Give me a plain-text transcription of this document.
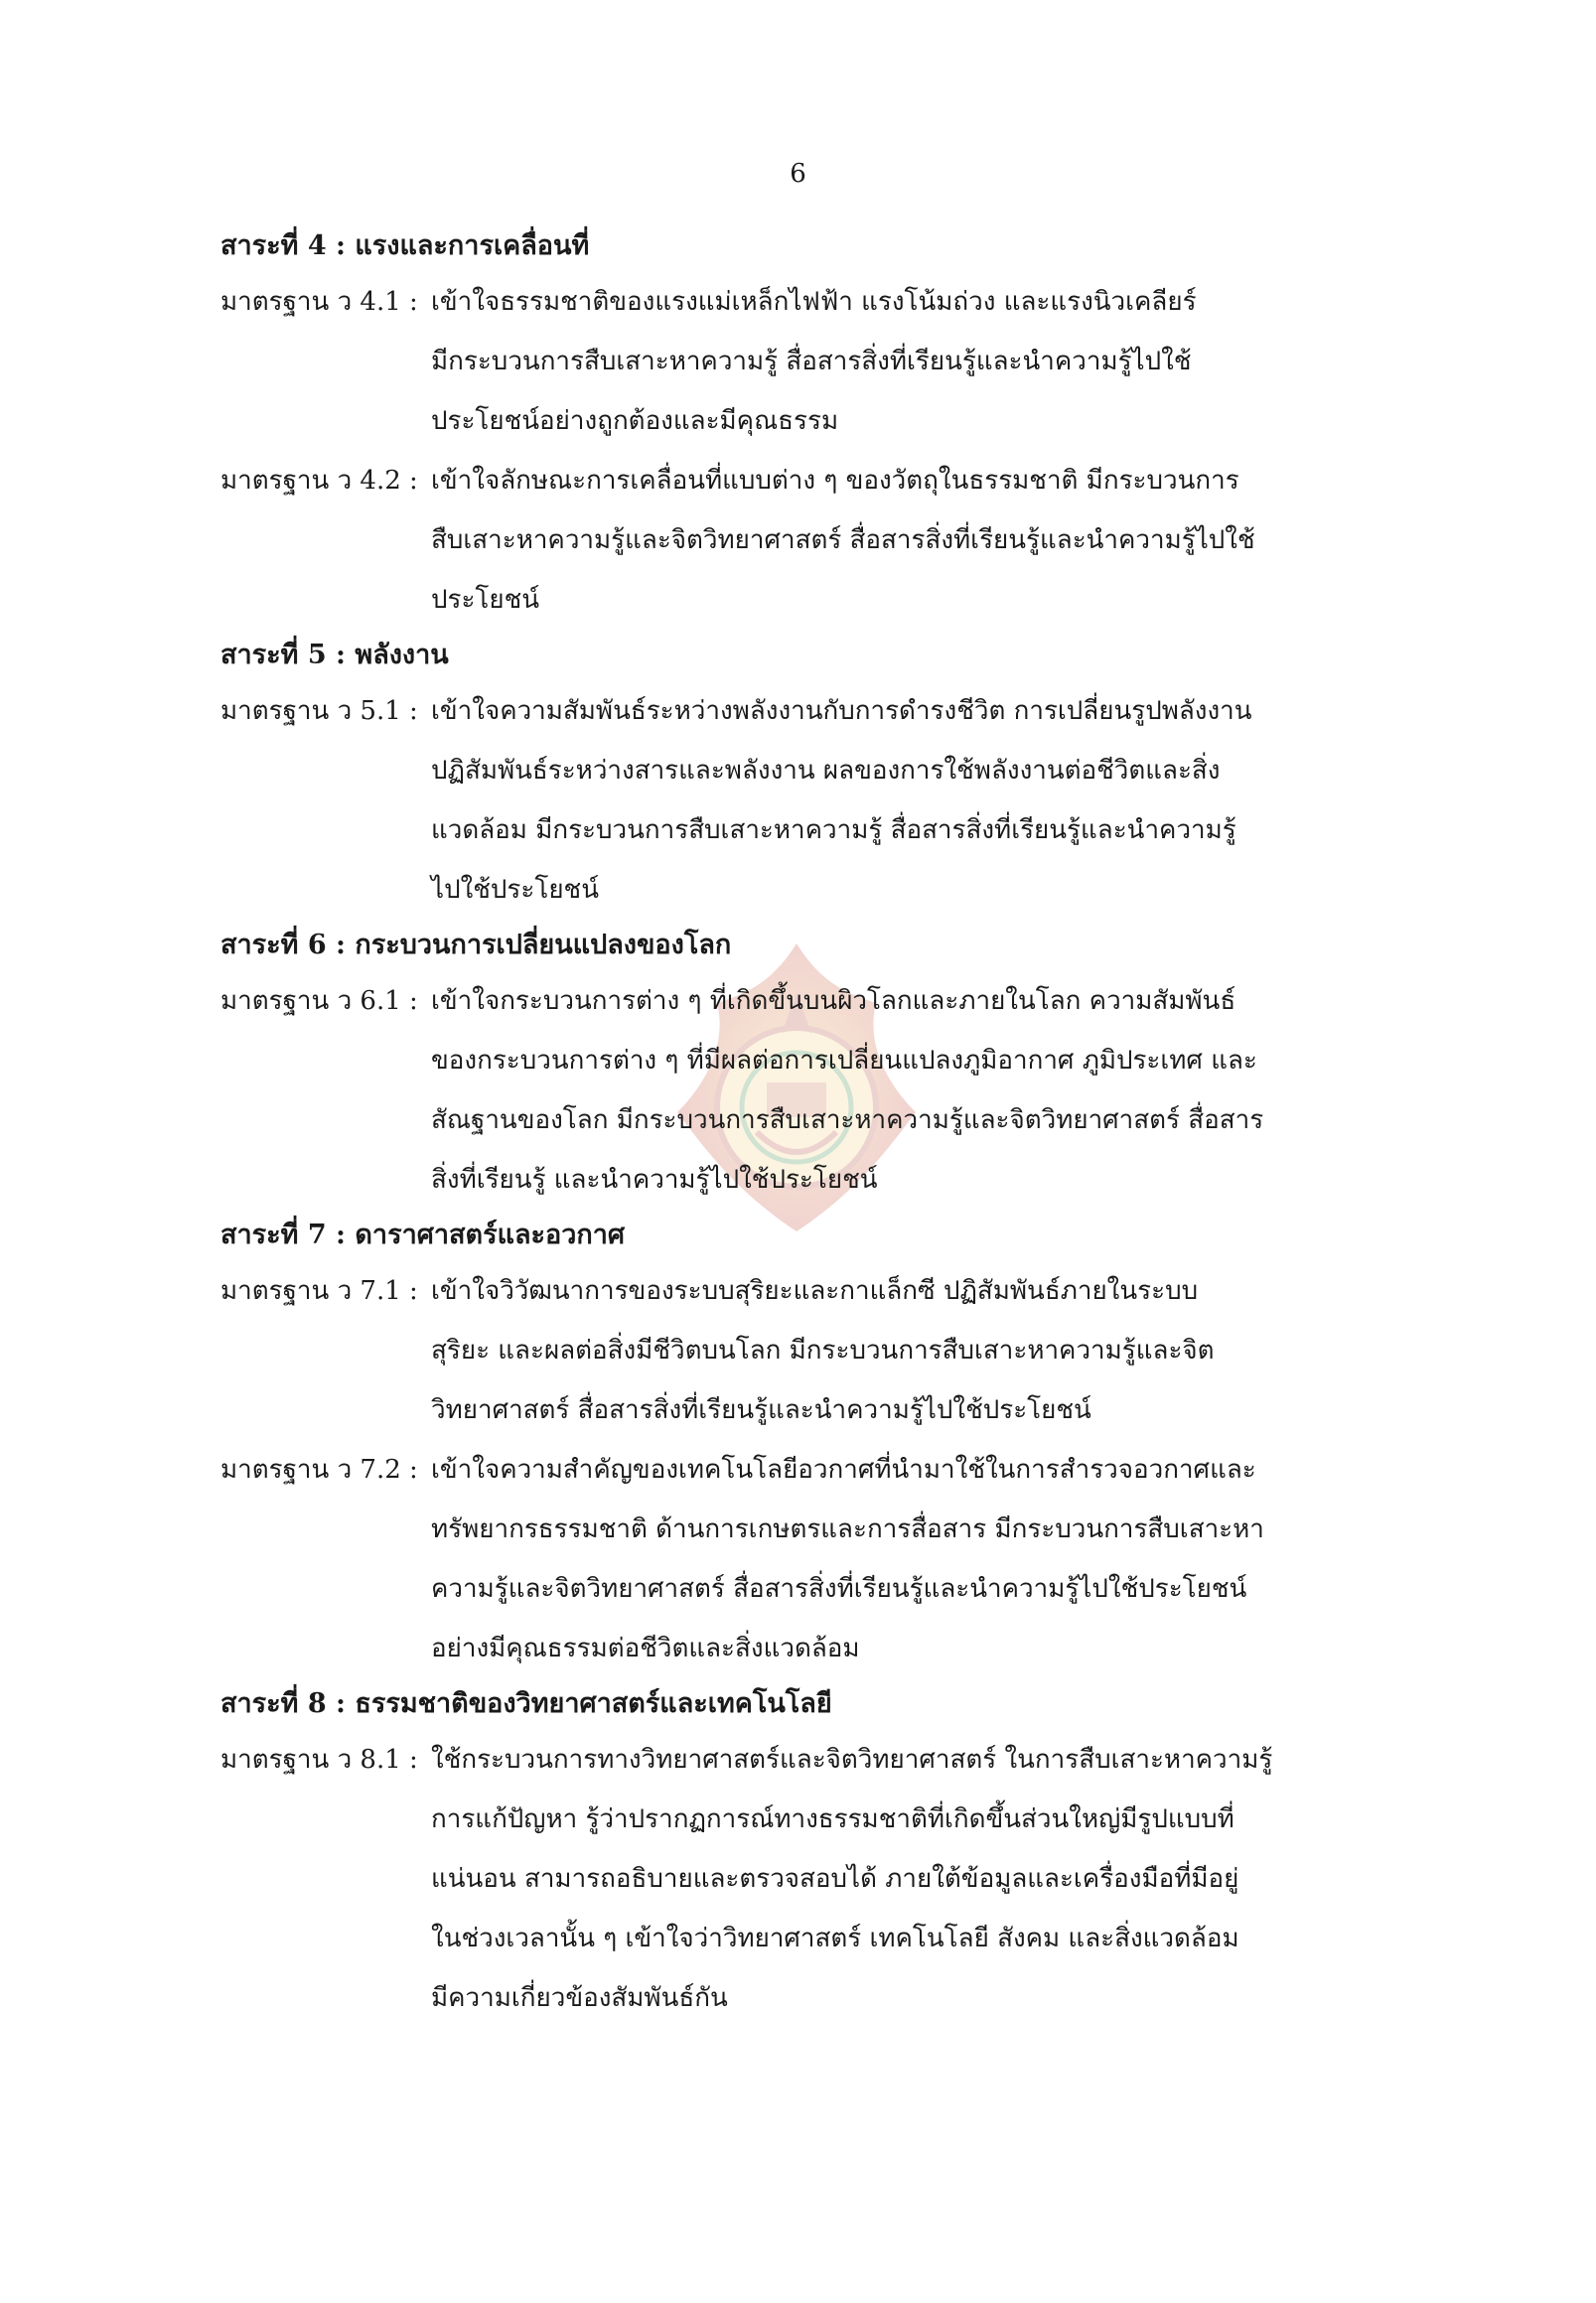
6
สาระที่ 4 : แรงและการเคลื่อนที่
มาตรฐาน ว 4.1 : เข้าใจธรรมชาติของแรงแม่เหล็กไฟฟ้า แรงโน้มถ่วง และแรงนิวเคลียร์
มีกระบวนการสืบเสาะหาความรู้ สื่อสารสิ่งที่เรียนรู้และนำความรู้ไปใช้
ประโยชน์อย่างถูกต้องและมีคุณธรรม
มาตรฐาน ว 4.2 : เข้าใจลักษณะการเคลื่อนที่แบบต่าง ๆ ของวัตถุในธรรมชาติ มีกระบวนการ
สืบเสาะหาความรู้และจิตวิทยาศาสตร์ สื่อสารสิ่งที่เรียนรู้และนำความรู้ไปใช้
ประโยชน์
สาระที่ 5 : พลังงาน
มาตรฐาน ว 5.1 : เข้าใจความสัมพันธ์ระหว่างพลังงานกับการดำรงชีวิต การเปลี่ยนรูปพลังงาน
ปฏิสัมพันธ์ระหว่างสารและพลังงาน ผลของการใช้พลังงานต่อชีวิตและสิ่ง
แวดล้อม มีกระบวนการสืบเสาะหาความรู้ สื่อสารสิ่งที่เรียนรู้และนำความรู้
ไปใช้ประโยชน์
สาระที่ 6 : กระบวนการเปลี่ยนแปลงของโลก
มาตรฐาน ว 6.1 : เข้าใจกระบวนการต่าง ๆ ที่เกิดขึ้นบนผิวโลกและภายในโลก ความสัมพันธ์
ของกระบวนการต่าง ๆ ที่มีผลต่อการเปลี่ยนแปลงภูมิอากาศ ภูมิประเทศ และ
สัณฐานของโลก มีกระบวนการสืบเสาะหาความรู้และจิตวิทยาศาสตร์ สื่อสาร
สิ่งที่เรียนรู้ และนำความรู้ไปใช้ประโยชน์
สาระที่ 7 : ดาราศาสตร์และอวกาศ
มาตรฐาน ว 7.1 : เข้าใจวิวัฒนาการของระบบสุริยะและกาแล็กซี ปฏิสัมพันธ์ภายในระบบ
สุริยะ และผลต่อสิ่งมีชีวิตบนโลก มีกระบวนการสืบเสาะหาความรู้และจิต
วิทยาศาสตร์ สื่อสารสิ่งที่เรียนรู้และนำความรู้ไปใช้ประโยชน์
มาตรฐาน ว 7.2 : เข้าใจความสำคัญของเทคโนโลยีอวกาศที่นำมาใช้ในการสำรวจอวกาศและ
ทรัพยากรธรรมชาติ ด้านการเกษตรและการสื่อสาร มีกระบวนการสืบเสาะหา
ความรู้และจิตวิทยาศาสตร์ สื่อสารสิ่งที่เรียนรู้และนำความรู้ไปใช้ประโยชน์
อย่างมีคุณธรรมต่อชีวิตและสิ่งแวดล้อม
สาระที่ 8 : ธรรมชาติของวิทยาศาสตร์และเทคโนโลยี
มาตรฐาน ว 8.1 : ใช้กระบวนการทางวิทยาศาสตร์และจิตวิทยาศาสตร์ ในการสืบเสาะหาความรู้
การแก้ปัญหา รู้ว่าปรากฏการณ์ทางธรรมชาติที่เกิดขึ้นส่วนใหญ่มีรูปแบบที่
แน่นอน สามารถอธิบายและตรวจสอบได้ ภายใต้ข้อมูลและเครื่องมือที่มีอยู่
ในช่วงเวลานั้น ๆ เข้าใจว่าวิทยาศาสตร์ เทคโนโลยี สังคม และสิ่งแวดล้อม
มีความเกี่ยวข้องสัมพันธ์กัน
